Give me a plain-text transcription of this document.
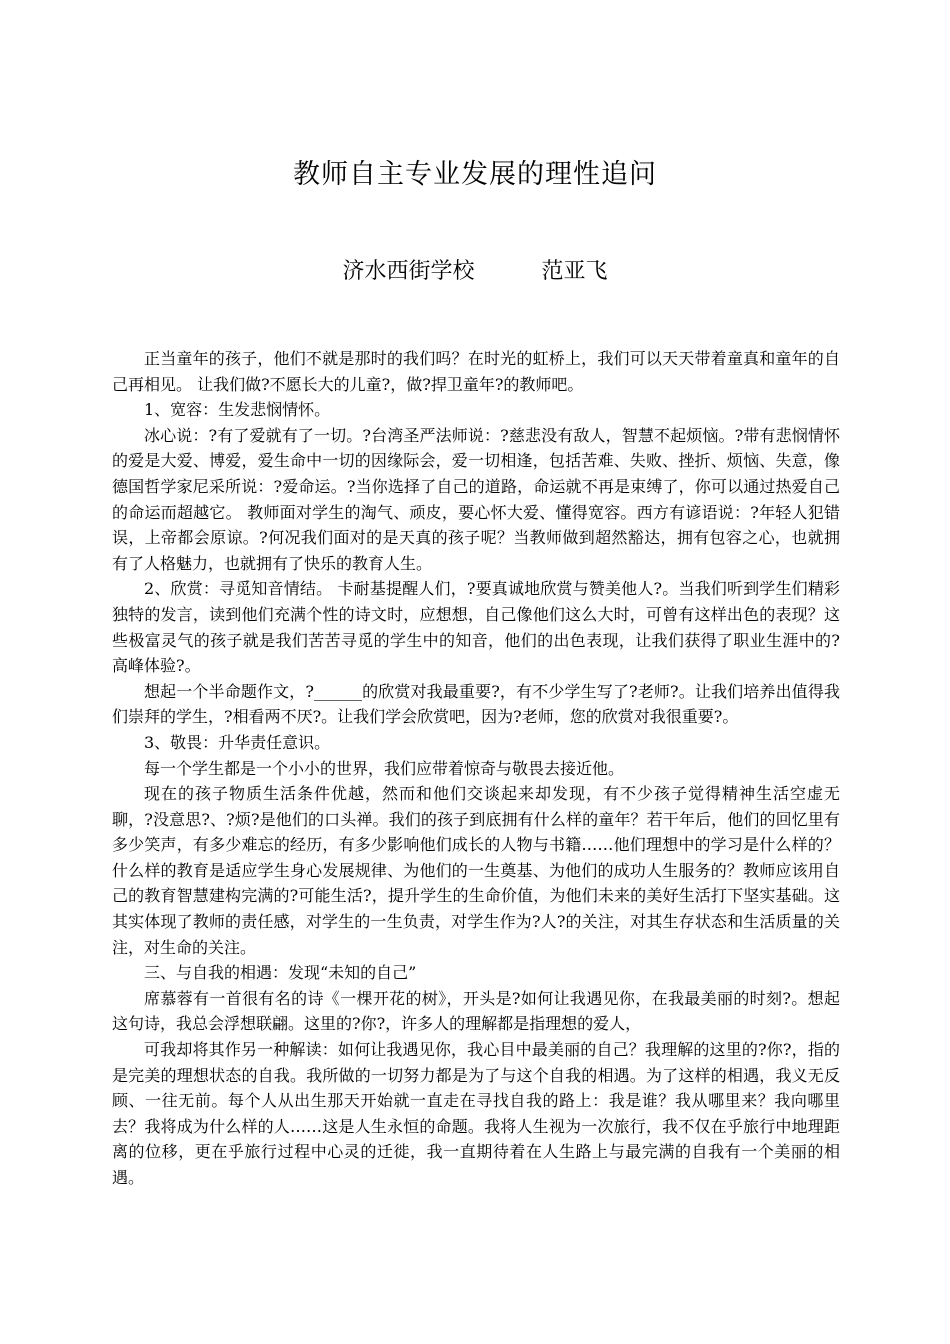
教师自主专业发展的理性追问
济水西街学校	范亚飞

正当童年的孩子，他们不就是那时的我们吗？在时光的虹桥上，我们可以天天带着童真和童年的自己再相见。 让我们做?不愿长大的儿童?，做?捍卫童年?的教师吧。

1、宽容：生发悲悯情怀。

冰心说：?有了爱就有了一切。?台湾圣严法师说：?慈悲没有敌人，智慧不起烦恼。?带有悲悯情怀的爱是大爱、博爱，爱生命中一切的因缘际会，爱一切相逢，包括苦难、失败、挫折、烦恼、失意，像德国哲学家尼采所说：?爱命运。?当你选择了自己的道路，命运就不再是束缚了，你可以通过热爱自己的命运而超越它。 教师面对学生的淘气、顽皮，要心怀大爱、懂得宽容。西方有谚语说：?年轻人犯错误，上帝都会原谅。?何况我们面对的是天真的孩子呢？当教师做到超然豁达，拥有包容之心，也就拥有了人格魅力，也就拥有了快乐的教育人生。

2、欣赏：寻觅知音情结。 卡耐基提醒人们，?要真诚地欣赏与赞美他人?。当我们听到学生们精彩独特的发言，读到他们充满个性的诗文时，应想想，自己像他们这么大时，可曾有这样出色的表现？这些极富灵气的孩子就是我们苦苦寻觅的学生中的知音，他们的出色表现，让我们获得了职业生涯中的?高峰体验?。

想起一个半命题作文，?______的欣赏对我最重要?，有不少学生写了?老师?。让我们培养出值得我们崇拜的学生，?相看两不厌?。让我们学会欣赏吧，因为?老师，您的欣赏对我很重要?。

3、敬畏：升华责任意识。

每一个学生都是一个小小的世界，我们应带着惊奇与敬畏去接近他。

现在的孩子物质生活条件优越，然而和他们交谈起来却发现，有不少孩子觉得精神生活空虚无聊，?没意思?、?烦?是他们的口头禅。我们的孩子到底拥有什么样的童年？若干年后，他们的回忆里有多少笑声，有多少难忘的经历，有多少影响他们成长的人物与书籍……他们理想中的学习是什么样的？什么样的教育是适应学生身心发展规律、为他们的一生奠基、为他们的成功人生服务的？教师应该用自己的教育智慧建构完满的?可能生活?，提升学生的生命价值，为他们未来的美好生活打下坚实基础。这其实体现了教师的责任感，对学生的一生负责，对学生作为?人?的关注，对其生存状态和生活质量的关注，对生命的关注。

三、与自我的相遇：发现“未知的自己”

席慕蓉有一首很有名的诗《一棵开花的树》，开头是?如何让我遇见你，在我最美丽的时刻?。想起这句诗，我总会浮想联翩。这里的?你?，许多人的理解都是指理想的爱人，

可我却将其作另一种解读：如何让我遇见你，我心目中最美丽的自己？我理解的这里的?你?，指的是完美的理想状态的自我。我所做的一切努力都是为了与这个自我的相遇。为了这样的相遇，我义无反顾、一往无前。每个人从出生那天开始就一直走在寻找自我的路上：我是谁？我从哪里来？我向哪里去？我将成为什么样的人……这是人生永恒的命题。我将人生视为一次旅行，我不仅在乎旅行中地理距离的位移，更在乎旅行过程中心灵的迁徙，我一直期待着在人生路上与最完满的自我有一个美丽的相遇。
